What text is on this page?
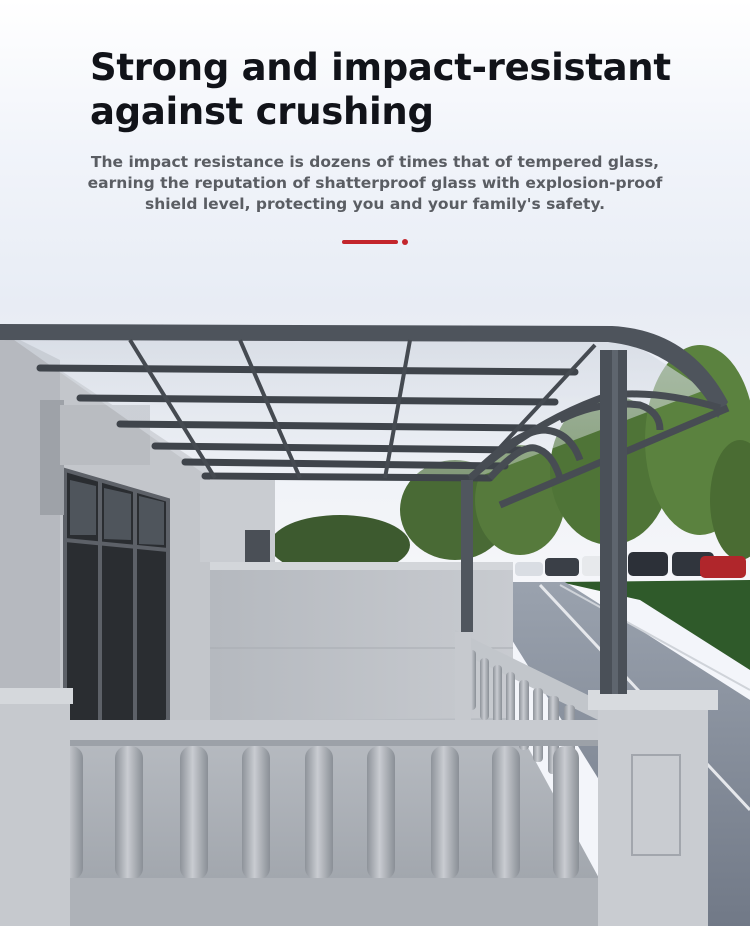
Strong and impact-resistant
against crushing

The impact resistance is dozens of times that of tempered glass,
earning the reputation of shatterproof glass with explosion-proof
shield level, protecting you and your family's safety.
